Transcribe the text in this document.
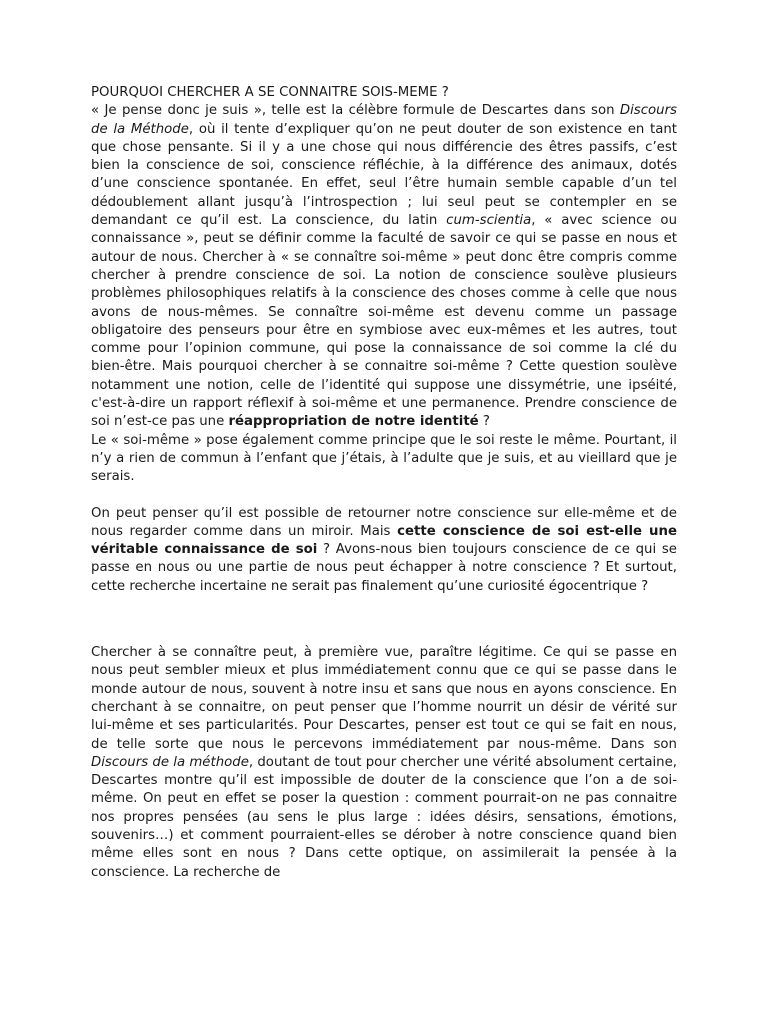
POURQUOI CHERCHER A SE CONNAITRE SOIS-MEME ?

« Je pense donc je suis », telle est la célèbre formule de Descartes dans son Discours de la Méthode, où il tente d’expliquer qu’on ne peut douter de son existence en tant que chose pensante. Si il y a une chose qui nous différencie des êtres passifs, c’est bien la conscience de soi, conscience réfléchie, à la différence des animaux, dotés d’une conscience spontanée. En effet, seul l’être humain semble capable d’un tel dédoublement allant jusqu’à l’introspection ; lui seul peut se contempler en se demandant ce qu’il est. La conscience, du latin cum-scientia, « avec science ou connaissance », peut se définir comme la faculté de savoir ce qui se passe en nous et autour de nous. Chercher à « se connaître soi-même » peut donc être compris comme chercher à prendre conscience de soi. La notion de conscience soulève plusieurs problèmes philosophiques relatifs à la conscience des choses comme à celle que nous avons de nous-mêmes. Se connaître soi-même est devenu comme un passage obligatoire des penseurs pour être en symbiose avec eux-mêmes et les autres, tout comme pour l’opinion commune, qui pose la connaissance de soi comme la clé du bien-être. Mais pourquoi chercher à se connaitre soi-même ? Cette question soulève notamment une notion, celle de l’identité qui suppose une dissymétrie, une ipséité, c'est-à-dire un rapport réflexif à soi-même et une permanence. Prendre conscience de soi n’est-ce pas une réappropriation de notre identité ?

Le « soi-même » pose également comme principe que le soi reste le même. Pourtant, il n’y a rien de commun à l’enfant que j’étais, à l’adulte que je suis, et au vieillard que je serais.

On peut penser qu’il est possible de retourner notre conscience sur elle-même et de nous regarder comme dans un miroir. Mais cette conscience de soi est-elle une véritable connaissance de soi ? Avons-nous bien toujours conscience de ce qui se passe en nous ou une partie de nous peut échapper à notre conscience ? Et surtout, cette recherche incertaine ne serait pas finalement qu’une curiosité égocentrique ?

Chercher à se connaître peut, à première vue, paraître légitime. Ce qui se passe en nous peut sembler mieux et plus immédiatement connu que ce qui se passe dans le monde autour de nous, souvent à notre insu et sans que nous en ayons conscience. En cherchant à se connaitre, on peut penser que l’homme nourrit un désir de vérité sur lui-même et ses particularités. Pour Descartes, penser est tout ce qui se fait en nous, de telle sorte que nous le percevons immédiatement par nous-même. Dans son Discours de la méthode, doutant de tout pour chercher une vérité absolument certaine, Descartes montre qu’il est impossible de douter de la conscience que l’on a de soi-même. On peut en effet se poser la question : comment pourrait-on ne pas connaitre nos propres pensées (au sens le plus large : idées désirs, sensations, émotions, souvenirs…) et comment pourraient-elles se dérober à notre conscience quand bien même elles sont en nous ? Dans cette optique, on assimilerait la pensée à la conscience. La recherche de
